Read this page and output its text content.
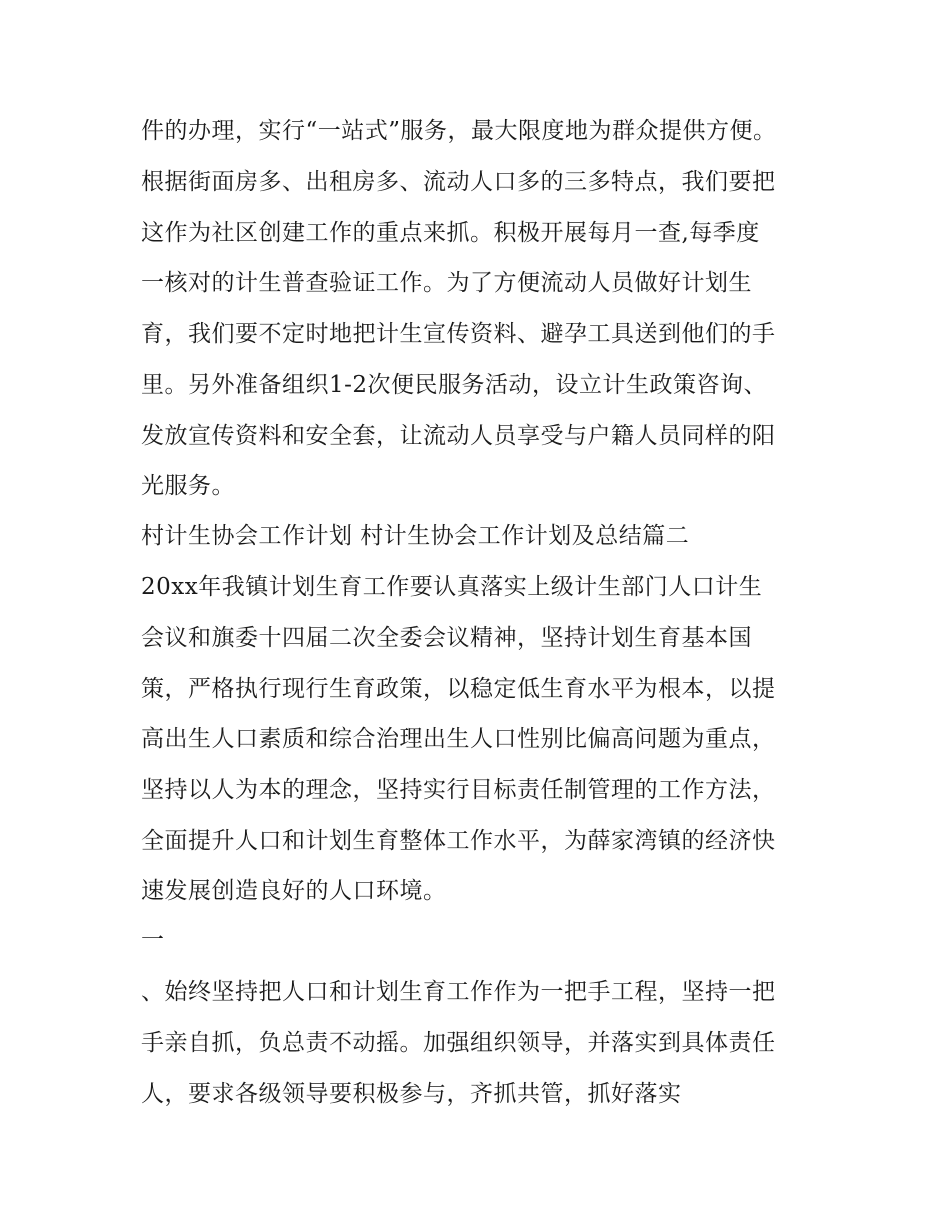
件的办理，实行“一站式”服务，最大限度地为群众提供方便。
根据街面房多、出租房多、流动人口多的三多特点，我们要把
这作为社区创建工作的重点来抓。积极开展每月一查,每季度
一核对的计生普查验证工作。为了方便流动人员做好计划生
育，我们要不定时地把计生宣传资料、避孕工具送到他们的手
里。另外准备组织1-2次便民服务活动，设立计生政策咨询、
发放宣传资料和安全套，让流动人员享受与户籍人员同样的阳
光服务。
村计生协会工作计划 村计生协会工作计划及总结篇二
20xx年我镇计划生育工作要认真落实上级计生部门人口计生
会议和旗委十四届二次全委会议精神，坚持计划生育基本国
策，严格执行现行生育政策，以稳定低生育水平为根本，以提
高出生人口素质和综合治理出生人口性别比偏高问题为重点，
坚持以人为本的理念，坚持实行目标责任制管理的工作方法，
全面提升人口和计划生育整体工作水平，为薛家湾镇的经济快
速发展创造良好的人口环境。
一
、始终坚持把人口和计划生育工作作为一把手工程，坚持一把
手亲自抓，负总责不动摇。加强组织领导，并落实到具体责任
人，要求各级领导要积极参与，齐抓共管，抓好落实
